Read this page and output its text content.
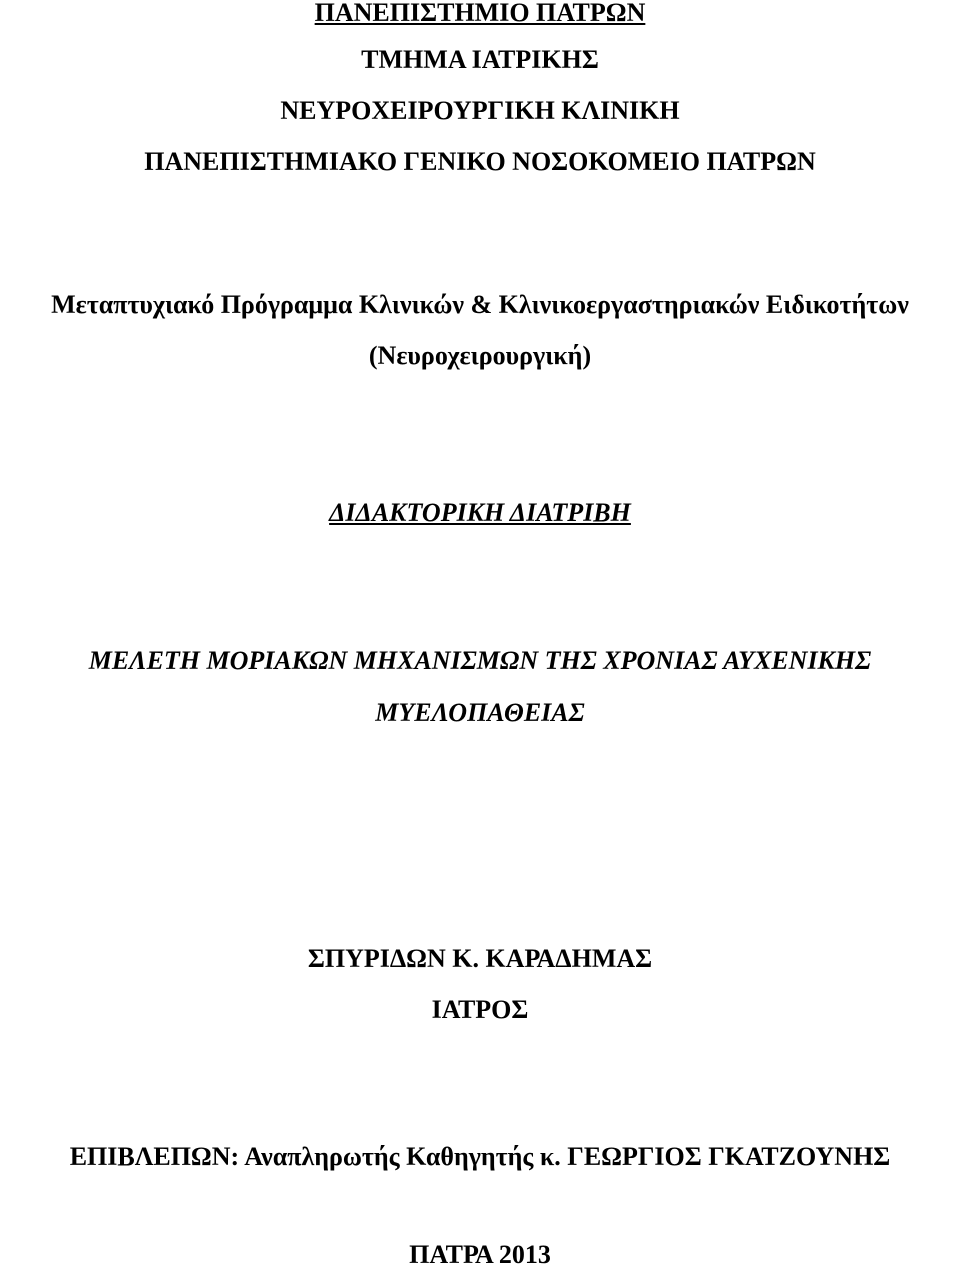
ΠΑΝΕΠΙΣΤΗΜΙΟ ΠΑΤΡΩΝ
ΤΜΗΜΑ ΙΑΤΡΙΚΗΣ
ΝΕΥΡΟΧΕΙΡΟΥΡΓΙΚΗ ΚΛΙΝΙΚΗ
ΠΑΝΕΠΙΣΤΗΜΙΑΚΟ ΓΕΝΙΚΟ ΝΟΣΟΚΟΜΕΙΟ ΠΑΤΡΩΝ
Μεταπτυχιακό Πρόγραμμα Κλινικών & Κλινικοεργαστηριακών Ειδικοτήτων
(Νευροχειρουργική)
ΔΙΔΑΚΤΟΡΙΚΗ ΔΙΑΤΡΙΒΗ
ΜΕΛΕΤΗ ΜΟΡΙΑΚΩΝ ΜΗΧΑΝΙΣΜΩΝ ΤΗΣ ΧΡΟΝΙΑΣ ΑΥΧΕΝΙΚΗΣ
ΜΥΕΛΟΠΑΘΕΙΑΣ
ΣΠΥΡΙΔΩΝ Κ. ΚΑΡΑΔΗΜΑΣ
ΙΑΤΡΟΣ
ΕΠΙΒΛΕΠΩΝ: Αναπληρωτής Καθηγητής κ. ΓΕΩΡΓΙΟΣ ΓΚΑΤΖΟΥΝΗΣ
ΠΑΤΡΑ 2013
